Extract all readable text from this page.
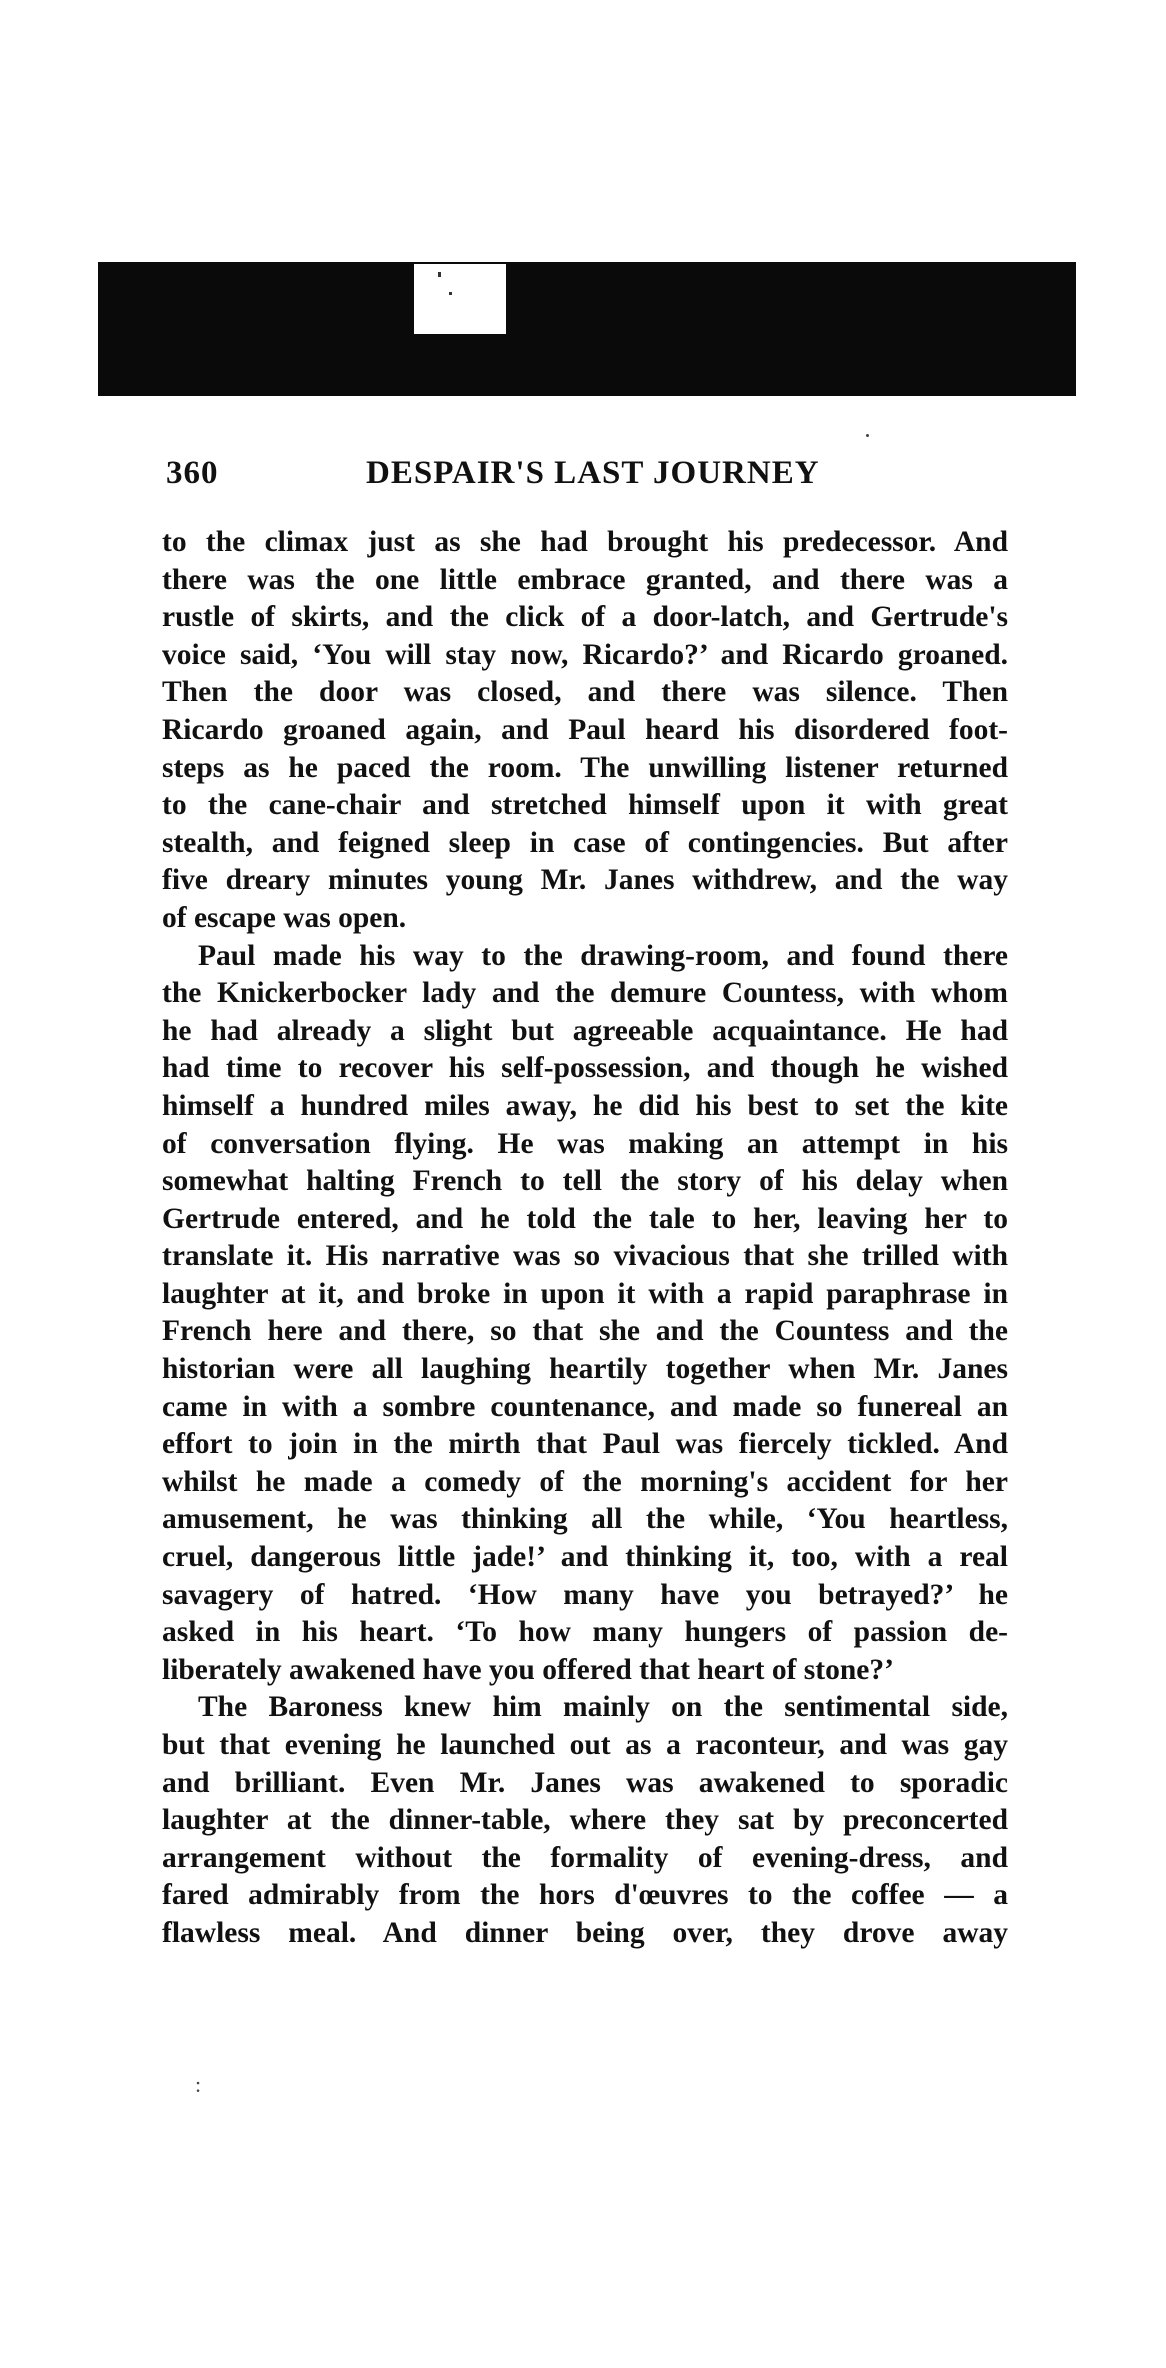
360	DESPAIR'S LAST JOURNEY
to the climax just as she had brought his predecessor. And
there was the one little embrace granted, and there was a
rustle of skirts, and the click of a door-latch, and Gertrude's
voice said, ‘You will stay now, Ricardo?’ and Ricardo groaned.
Then the door was closed, and there was silence. Then
Ricardo groaned again, and Paul heard his disordered foot-
steps as he paced the room. The unwilling listener returned
to the cane-chair and stretched himself upon it with great
stealth, and feigned sleep in case of contingencies. But after
five dreary minutes young Mr. Janes withdrew, and the way
of escape was open.
Paul made his way to the drawing-room, and found there
the Knickerbocker lady and the demure Countess, with whom
he had already a slight but agreeable acquaintance. He had
had time to recover his self-possession, and though he wished
himself a hundred miles away, he did his best to set the kite
of conversation flying. He was making an attempt in his
somewhat halting French to tell the story of his delay when
Gertrude entered, and he told the tale to her, leaving her to
translate it. His narrative was so vivacious that she trilled with
laughter at it, and broke in upon it with a rapid paraphrase in
French here and there, so that she and the Countess and the
historian were all laughing heartily together when Mr. Janes
came in with a sombre countenance, and made so funereal an
effort to join in the mirth that Paul was fiercely tickled. And
whilst he made a comedy of the morning's accident for her
amusement, he was thinking all the while, ‘You heartless,
cruel, dangerous little jade!’ and thinking it, too, with a real
savagery of hatred. ‘How many have you betrayed?’ he
asked in his heart. ‘To how many hungers of passion de-
liberately awakened have you offered that heart of stone?’
The Baroness knew him mainly on the sentimental side,
but that evening he launched out as a raconteur, and was gay
and brilliant. Even Mr. Janes was awakened to sporadic
laughter at the dinner-table, where they sat by preconcerted
arrangement without the formality of evening-dress, and
fared admirably from the hors d'œuvres to the coffee — a
flawless meal. And dinner being over, they drove away
:
